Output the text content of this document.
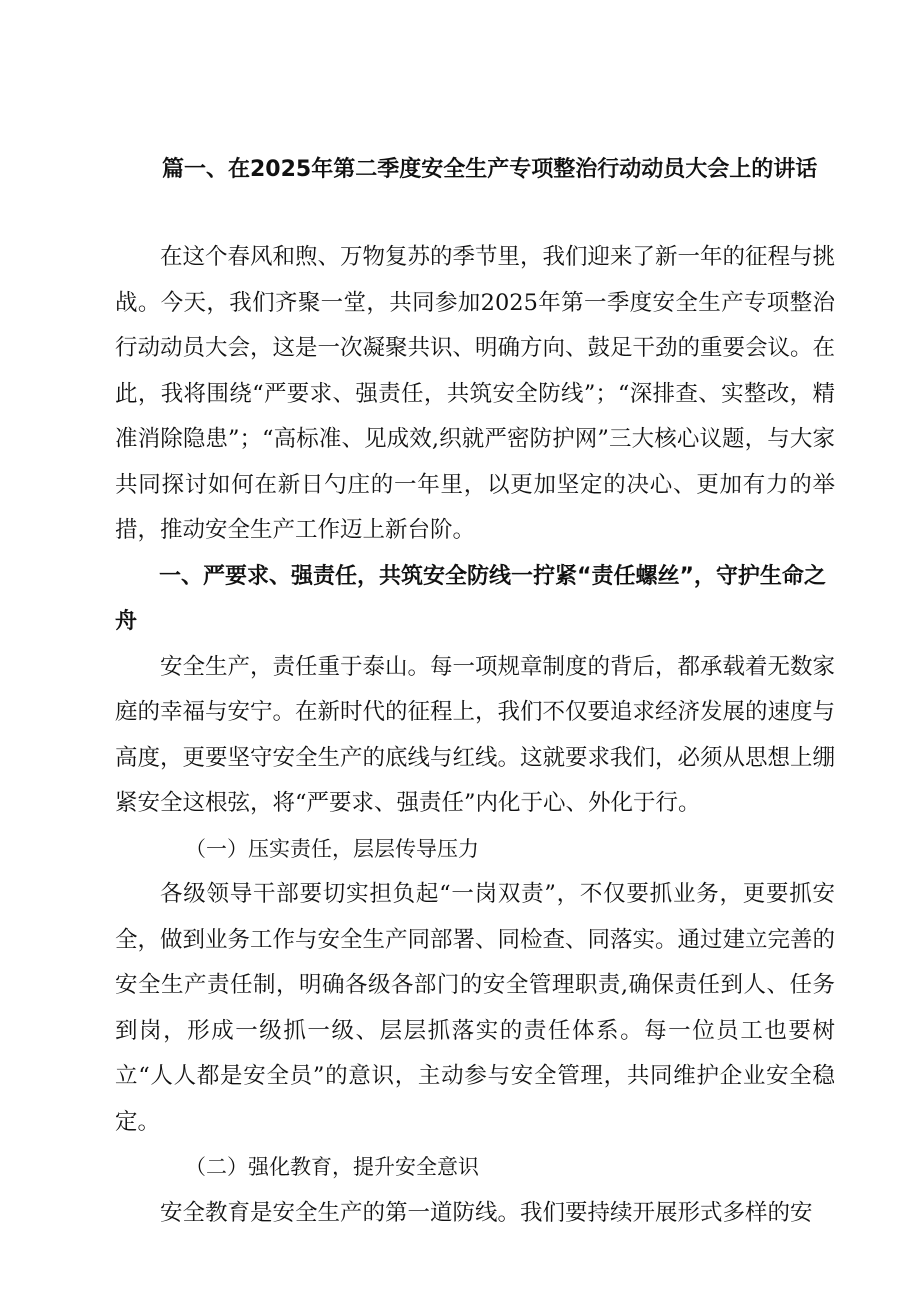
篇一、在2025年第二季度安全生产专项整治行动动员大会上的讲话

在这个春风和煦、万物复苏的季节里，我们迎来了新一年的征程与挑战。今天，我们齐聚一堂，共同参加2025年第一季度安全生产专项整治行动动员大会，这是一次凝聚共识、明确方向、鼓足干劲的重要会议。在此，我将围绕“严要求、强责任，共筑安全防线”；“深排查、实整改，精准消除隐患”；“高标准、见成效,织就严密防护网”三大核心议题，与大家共同探讨如何在新日勺庄的一年里，以更加坚定的决心、更加有力的举措，推动安全生产工作迈上新台阶。

一、严要求、强责任，共筑安全防线一拧紧“责任螺丝”，守护生命之舟

安全生产，责任重于泰山。每一项规章制度的背后，都承载着无数家庭的幸福与安宁。在新时代的征程上，我们不仅要追求经济发展的速度与高度，更要坚守安全生产的底线与红线。这就要求我们，必须从思想上绷紧安全这根弦，将“严要求、强责任”内化于心、外化于行。

（一）压实责任，层层传导压力

各级领导干部要切实担负起“一岗双责”，不仅要抓业务，更要抓安全，做到业务工作与安全生产同部署、同检查、同落实。通过建立完善的安全生产责任制，明确各级各部门的安全管理职责,确保责任到人、任务到岗，形成一级抓一级、层层抓落实的责任体系。每一位员工也要树立“人人都是安全员”的意识，主动参与安全管理，共同维护企业安全稳定。

（二）强化教育，提升安全意识

安全教育是安全生产的第一道防线。我们要持续开展形式多样的安
